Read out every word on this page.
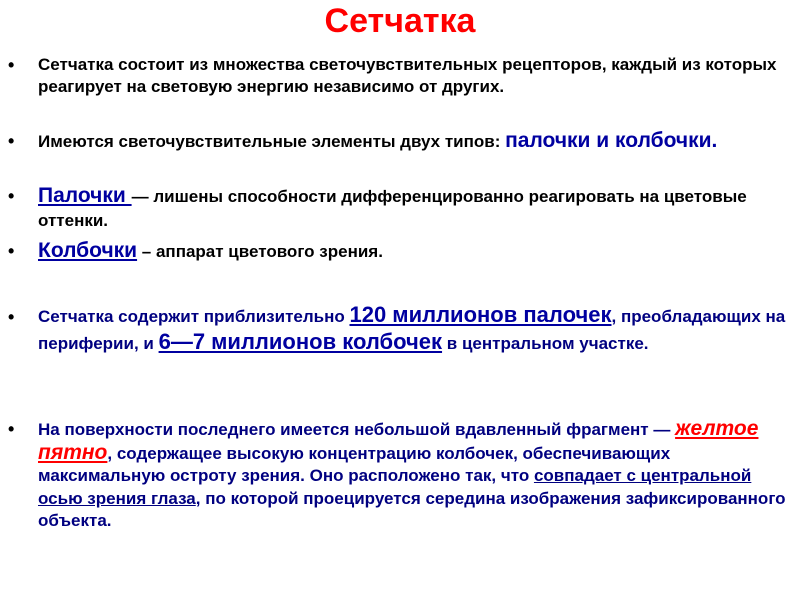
Сетчатка
• Сетчатка состоит из множества светочувствительных рецепторов, каждый из которых реагирует на световую энергию независимо от других.
• Имеются светочувствительные элементы двух типов: палочки и колбочки.
• Палочки — лишены способности дифференцированно реагировать на цветовые оттенки.
• Колбочки – аппарат цветового зрения.
• Сетчатка содержит приблизительно 120 миллионов палочек, преобладающих на периферии, и 6—7 миллионов колбочек в центральном участке.
• На поверхности последнего имеется небольшой вдавленный фрагмент — желтое пятно, содержащее высокую концентрацию колбочек, обеспечивающих максимальную остроту зрения. Оно расположено так, что совпадает с центральной осью зрения глаза, по которой проецируется середина изображения зафиксированного объекта.
